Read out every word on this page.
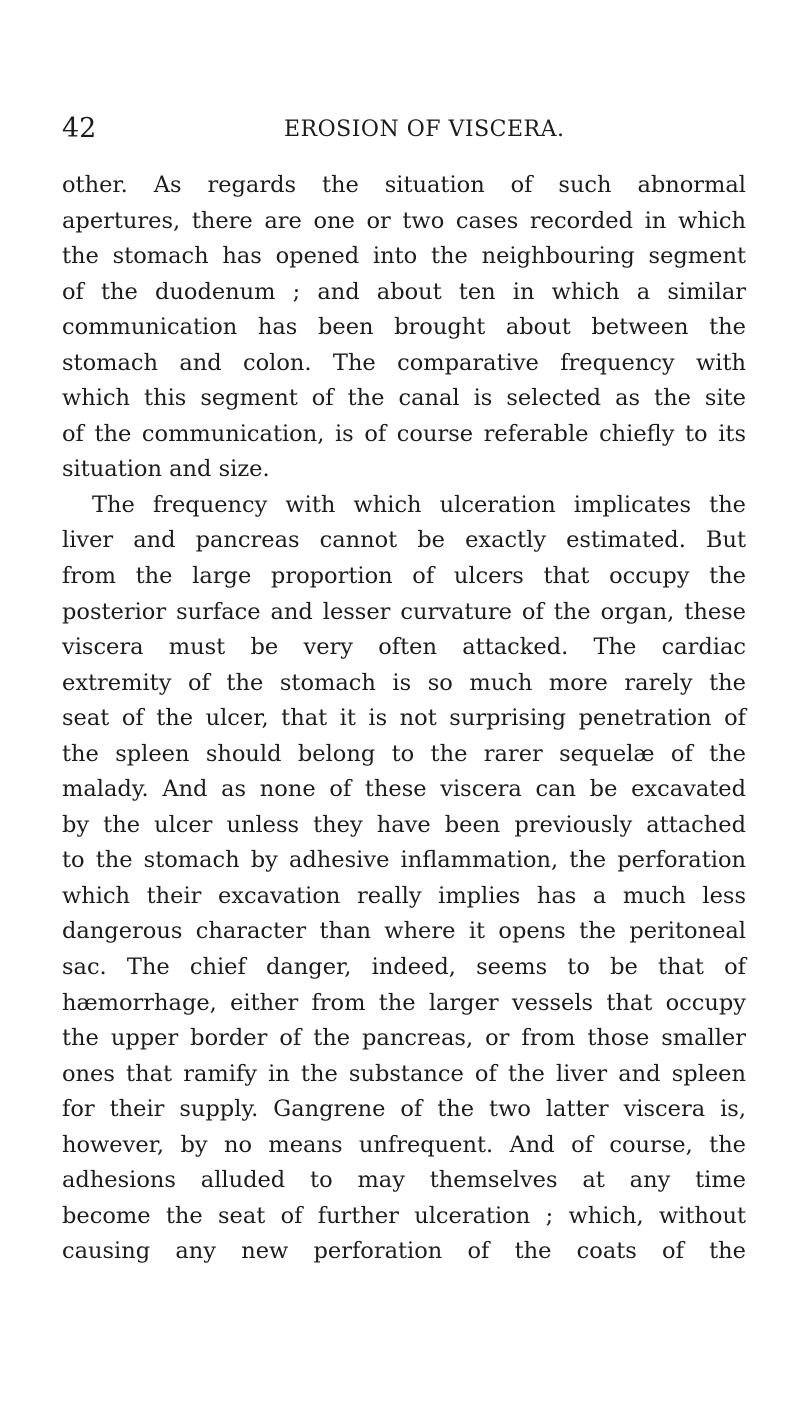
42	EROSION OF VISCERA.
other. As regards the situation of such abnormal
apertures, there are one or two cases recorded in which
the stomach has opened into the neighbouring segment
of the duodenum ; and about ten in which a similar
communication has been brought about between the
stomach and colon. The comparative frequency with
which this segment of the canal is selected as the site
of the communication, is of course referable chiefly to its
situation and size.
The frequency with which ulceration implicates the
liver and pancreas cannot be exactly estimated. But
from the large proportion of ulcers that occupy the
posterior surface and lesser curvature of the organ, these
viscera must be very often attacked. The cardiac
extremity of the stomach is so much more rarely the
seat of the ulcer, that it is not surprising penetration of
the spleen should belong to the rarer sequelæ of the
malady. And as none of these viscera can be excavated
by the ulcer unless they have been previously attached
to the stomach by adhesive inflammation, the perforation
which their excavation really implies has a much less
dangerous character than where it opens the peritoneal
sac. The chief danger, indeed, seems to be that of
hæmorrhage, either from the larger vessels that occupy
the upper border of the pancreas, or from those smaller
ones that ramify in the substance of the liver and spleen
for their supply. Gangrene of the two latter viscera is,
however, by no means unfrequent. And of course, the
adhesions alluded to may themselves at any time
become the seat of further ulceration ; which, without
causing any new perforation of the coats of the
